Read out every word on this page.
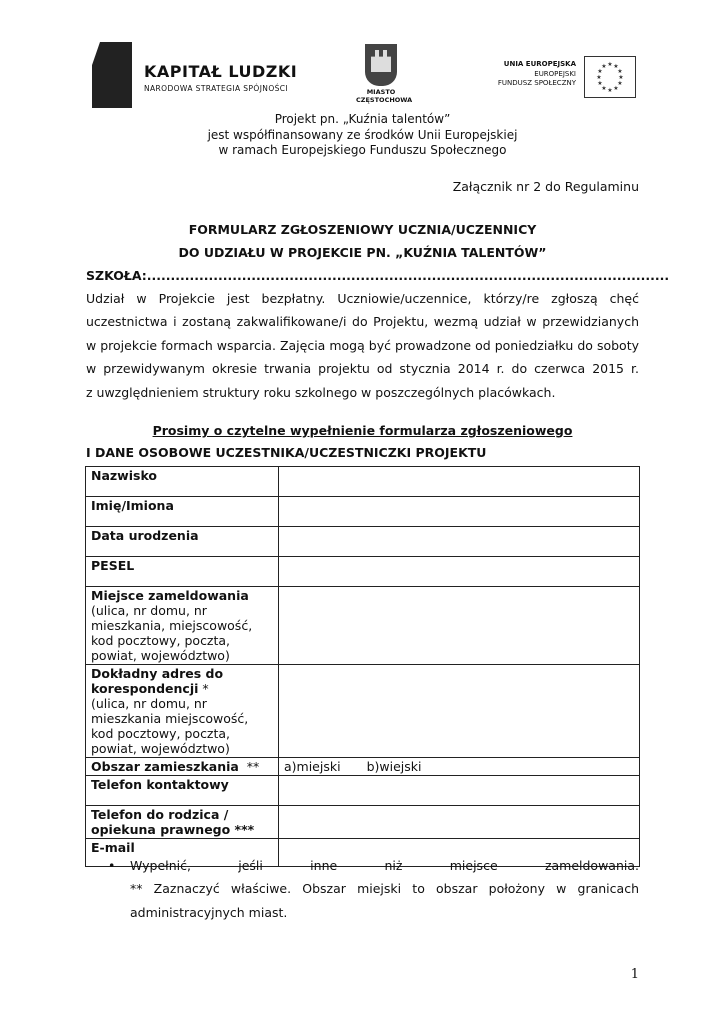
KAPITAŁ LUDZKI
NARODOWA STRATEGIA SPÓJNOŚCI	MIASTO
CZĘSTOCHOWA
UNIA EUROPEJSKA
EUROPEJSKI
FUNDUSZ SPOŁECZNY
★ ★
★
★
★
★
★
★
★
★
★
★
Projekt pn. „Kuźnia talentów”
jest współfinansowany ze środków Unii Europejskiej
w ramach Europejskiego Funduszu Społecznego
Załącznik nr 2 do Regulaminu
FORMULARZ ZGŁOSZENIOWY UCZNIA/UCZENNICY
DO UDZIAŁU W PROJEKCIE PN. „KUŹNIA TALENTÓW”
SZKOŁA:..............................................................................................................
Udział w Projekcie jest bezpłatny. Uczniowie/uczennice, którzy/re zgłoszą chęć
uczestnictwa i zostaną zakwalifikowane/i do Projektu, wezmą udział w przewidzianych
w projekcie formach wsparcia. Zajęcia mogą być prowadzone od poniedziałku do soboty
w przewidywanym okresie trwania projektu od stycznia 2014 r. do czerwca 2015 r.
z uwzględnieniem struktury roku szkolnego w poszczególnych placówkach.
Prosimy o czytelne wypełnienie formularza zgłoszeniowego
I DANE OSOBOWE UCZESTNIKA/UCZESTNICZKI PROJEKTU
Nazwisko	
Imię/Imiona	
Data urodzenia	
PESEL	
Miejsce zameldowania
(ulica, nr domu, nr mieszkania, miejscowość, kod pocztowy, poczta, powiat, województwo)	
Dokładny adres do korespondencji *
(ulica, nr domu, nr mieszkania miejscowość, kod pocztowy, poczta, powiat, województwo)	
Obszar zamieszkania  **	a)miejski b)wiejski
Telefon kontaktowy	
Telefon do rodzica / opiekuna prawnego ***	
E-mail	
• Wypełnić, jeśli inne niż miejsce zameldowania.
** Zaznaczyć właściwe. Obszar miejski to obszar położony w granicach
administracyjnych miast.
1
